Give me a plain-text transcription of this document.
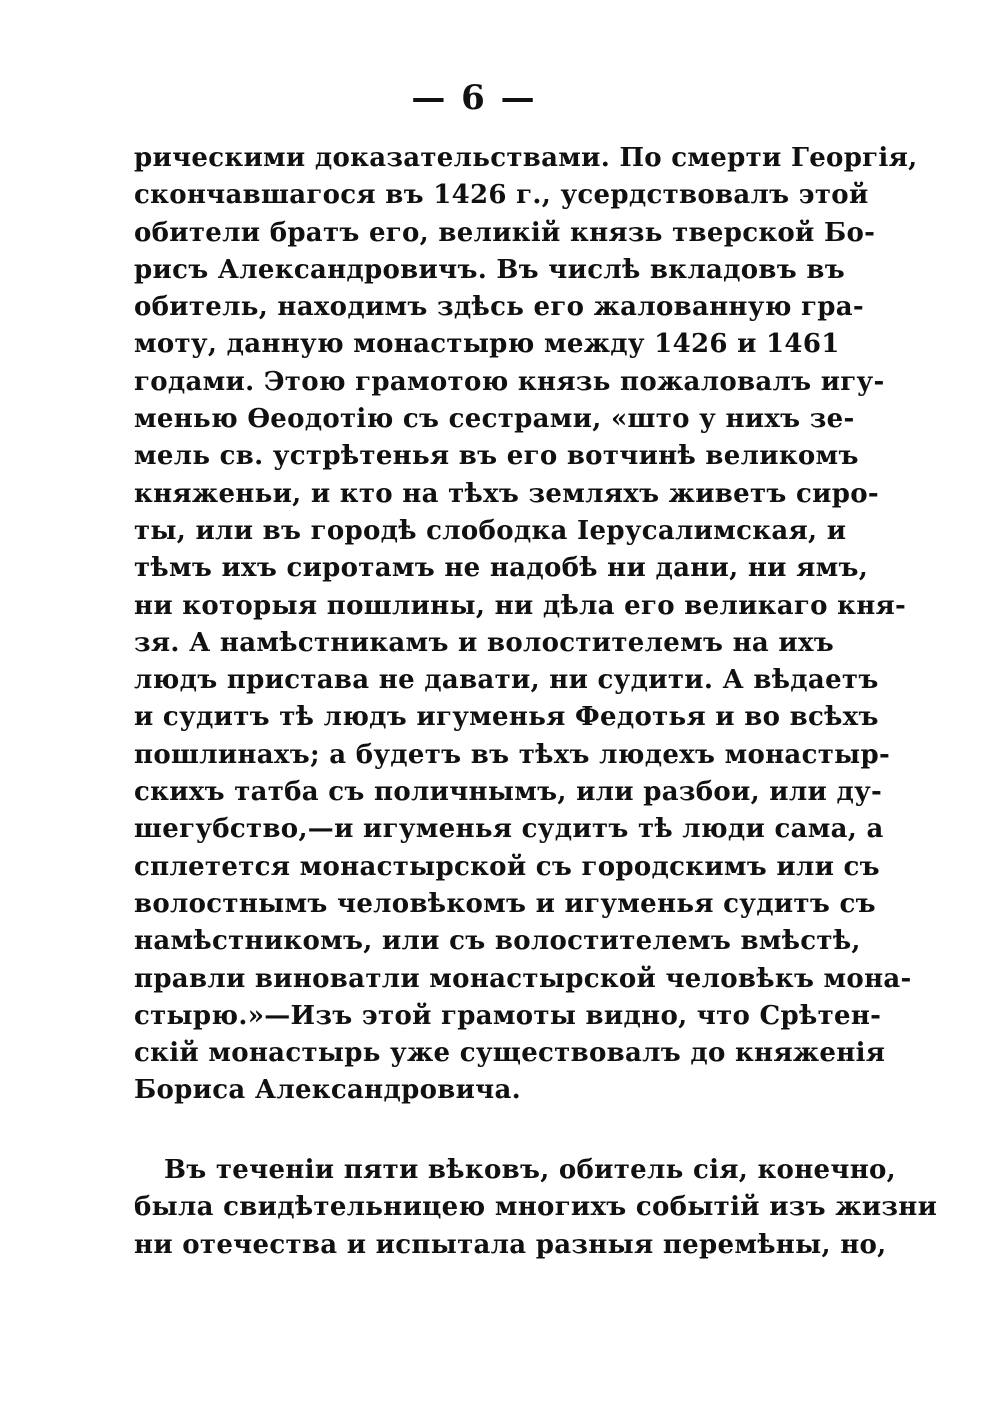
— 6 —
рическими доказательствами. По смерти Георгія,
скончавшагося въ 1426 г., усердствовалъ этой
обители братъ его, великій князь тверской Бо-
рисъ Александровичъ. Въ числѣ вкладовъ въ
обитель, находимъ здѣсь его жалованную гра-
моту, данную монастырю между 1426 и 1461
годами. Этою грамотою князь пожаловалъ игу-
менью Ѳеодотію съ сестрами, «што у нихъ зе-
мель св. устрѣтенья въ его вотчинѣ великомъ
княженьи, и кто на тѣхъ земляхъ живетъ сиро-
ты, или въ городѣ слободка Іерусалимская, и
тѣмъ ихъ сиротамъ не надобѣ ни дани, ни ямъ,
ни которыя пошлины, ни дѣла его великаго кня-
зя. А намѣстникамъ и волостителемъ на ихъ
людъ пристава не давати, ни судити. А вѣдаетъ
и судитъ тѣ людъ игуменья Федотья и во всѣхъ
пошлинахъ; а будетъ въ тѣхъ людехъ монастыр-
скихъ татба съ поличнымъ, или разбои, или ду-
шегубство,—и игуменья судитъ тѣ люди сама, а
сплетется монастырской съ городскимъ или съ
волостнымъ человѣкомъ и игуменья судитъ съ
намѣстникомъ, или съ волостителемъ вмѣстѣ,
правли виноватли монастырской человѣкъ мона-
стырю.»—Изъ этой грамоты видно, что Срѣтен-
скій монастырь уже существовалъ до княженія
Бориса Александровича.
Въ теченіи пяти вѣковъ, обитель сія, конечно,
была свидѣтельницею многихъ событій изъ жизни
ни отечества и испытала разныя перемѣны, но,
